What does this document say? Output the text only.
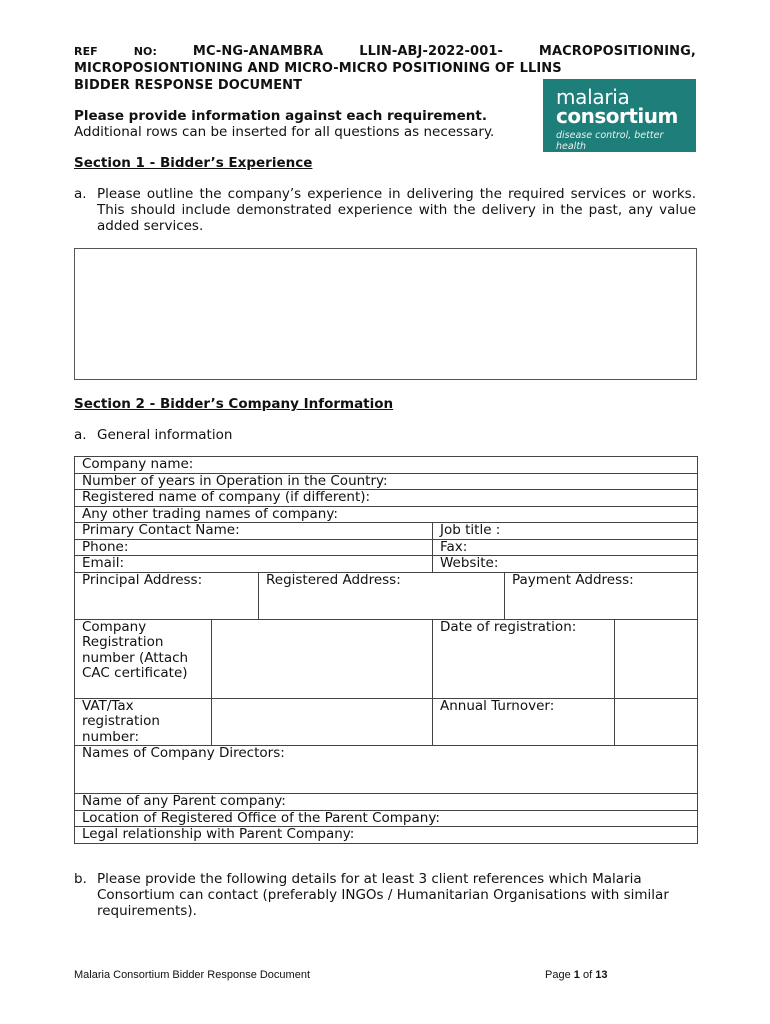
REF	NO:	MC-NG-ANAMBRA	LLIN-ABJ-2022-001-	MACROPOSITIONING,
MICROPOSIONTIONING AND MICRO-MICRO POSITIONING OF LLINS
BIDDER RESPONSE DOCUMENT	malaria
consortium
disease control, better health
Please provide information against each requirement.
Additional rows can be inserted for all questions as necessary.
Section 1 - Bidder’s Experience
a. Please outline the company’s experience in delivering the required services or works. This should include demonstrated experience with the delivery in the past, any value added services.
Section 2 - Bidder’s Company Information
a. General information
Company name:					
Number of years in Operation in the Country:					
Registered name of company (if different):					
Any other trading names of company:					
Primary Contact Name:			Job title :		
Phone:			Fax:		
Email:			Website:		
Principal Address:		Registered Address:		Payment Address:	
Company Registration number (Attach CAC certificate)			Date of registration:		
VAT/Tax registration number:			Annual Turnover:		
Names of Company Directors:					
Name of any Parent company:					
Location of Registered Office of the Parent Company:					
Legal relationship with Parent Company:					
b. Please provide the following details for at least 3 client references which Malaria Consortium can contact (preferably INGOs / Humanitarian Organisations with similar requirements).
Malaria Consortium Bidder Response Document	Page 1 of 13
